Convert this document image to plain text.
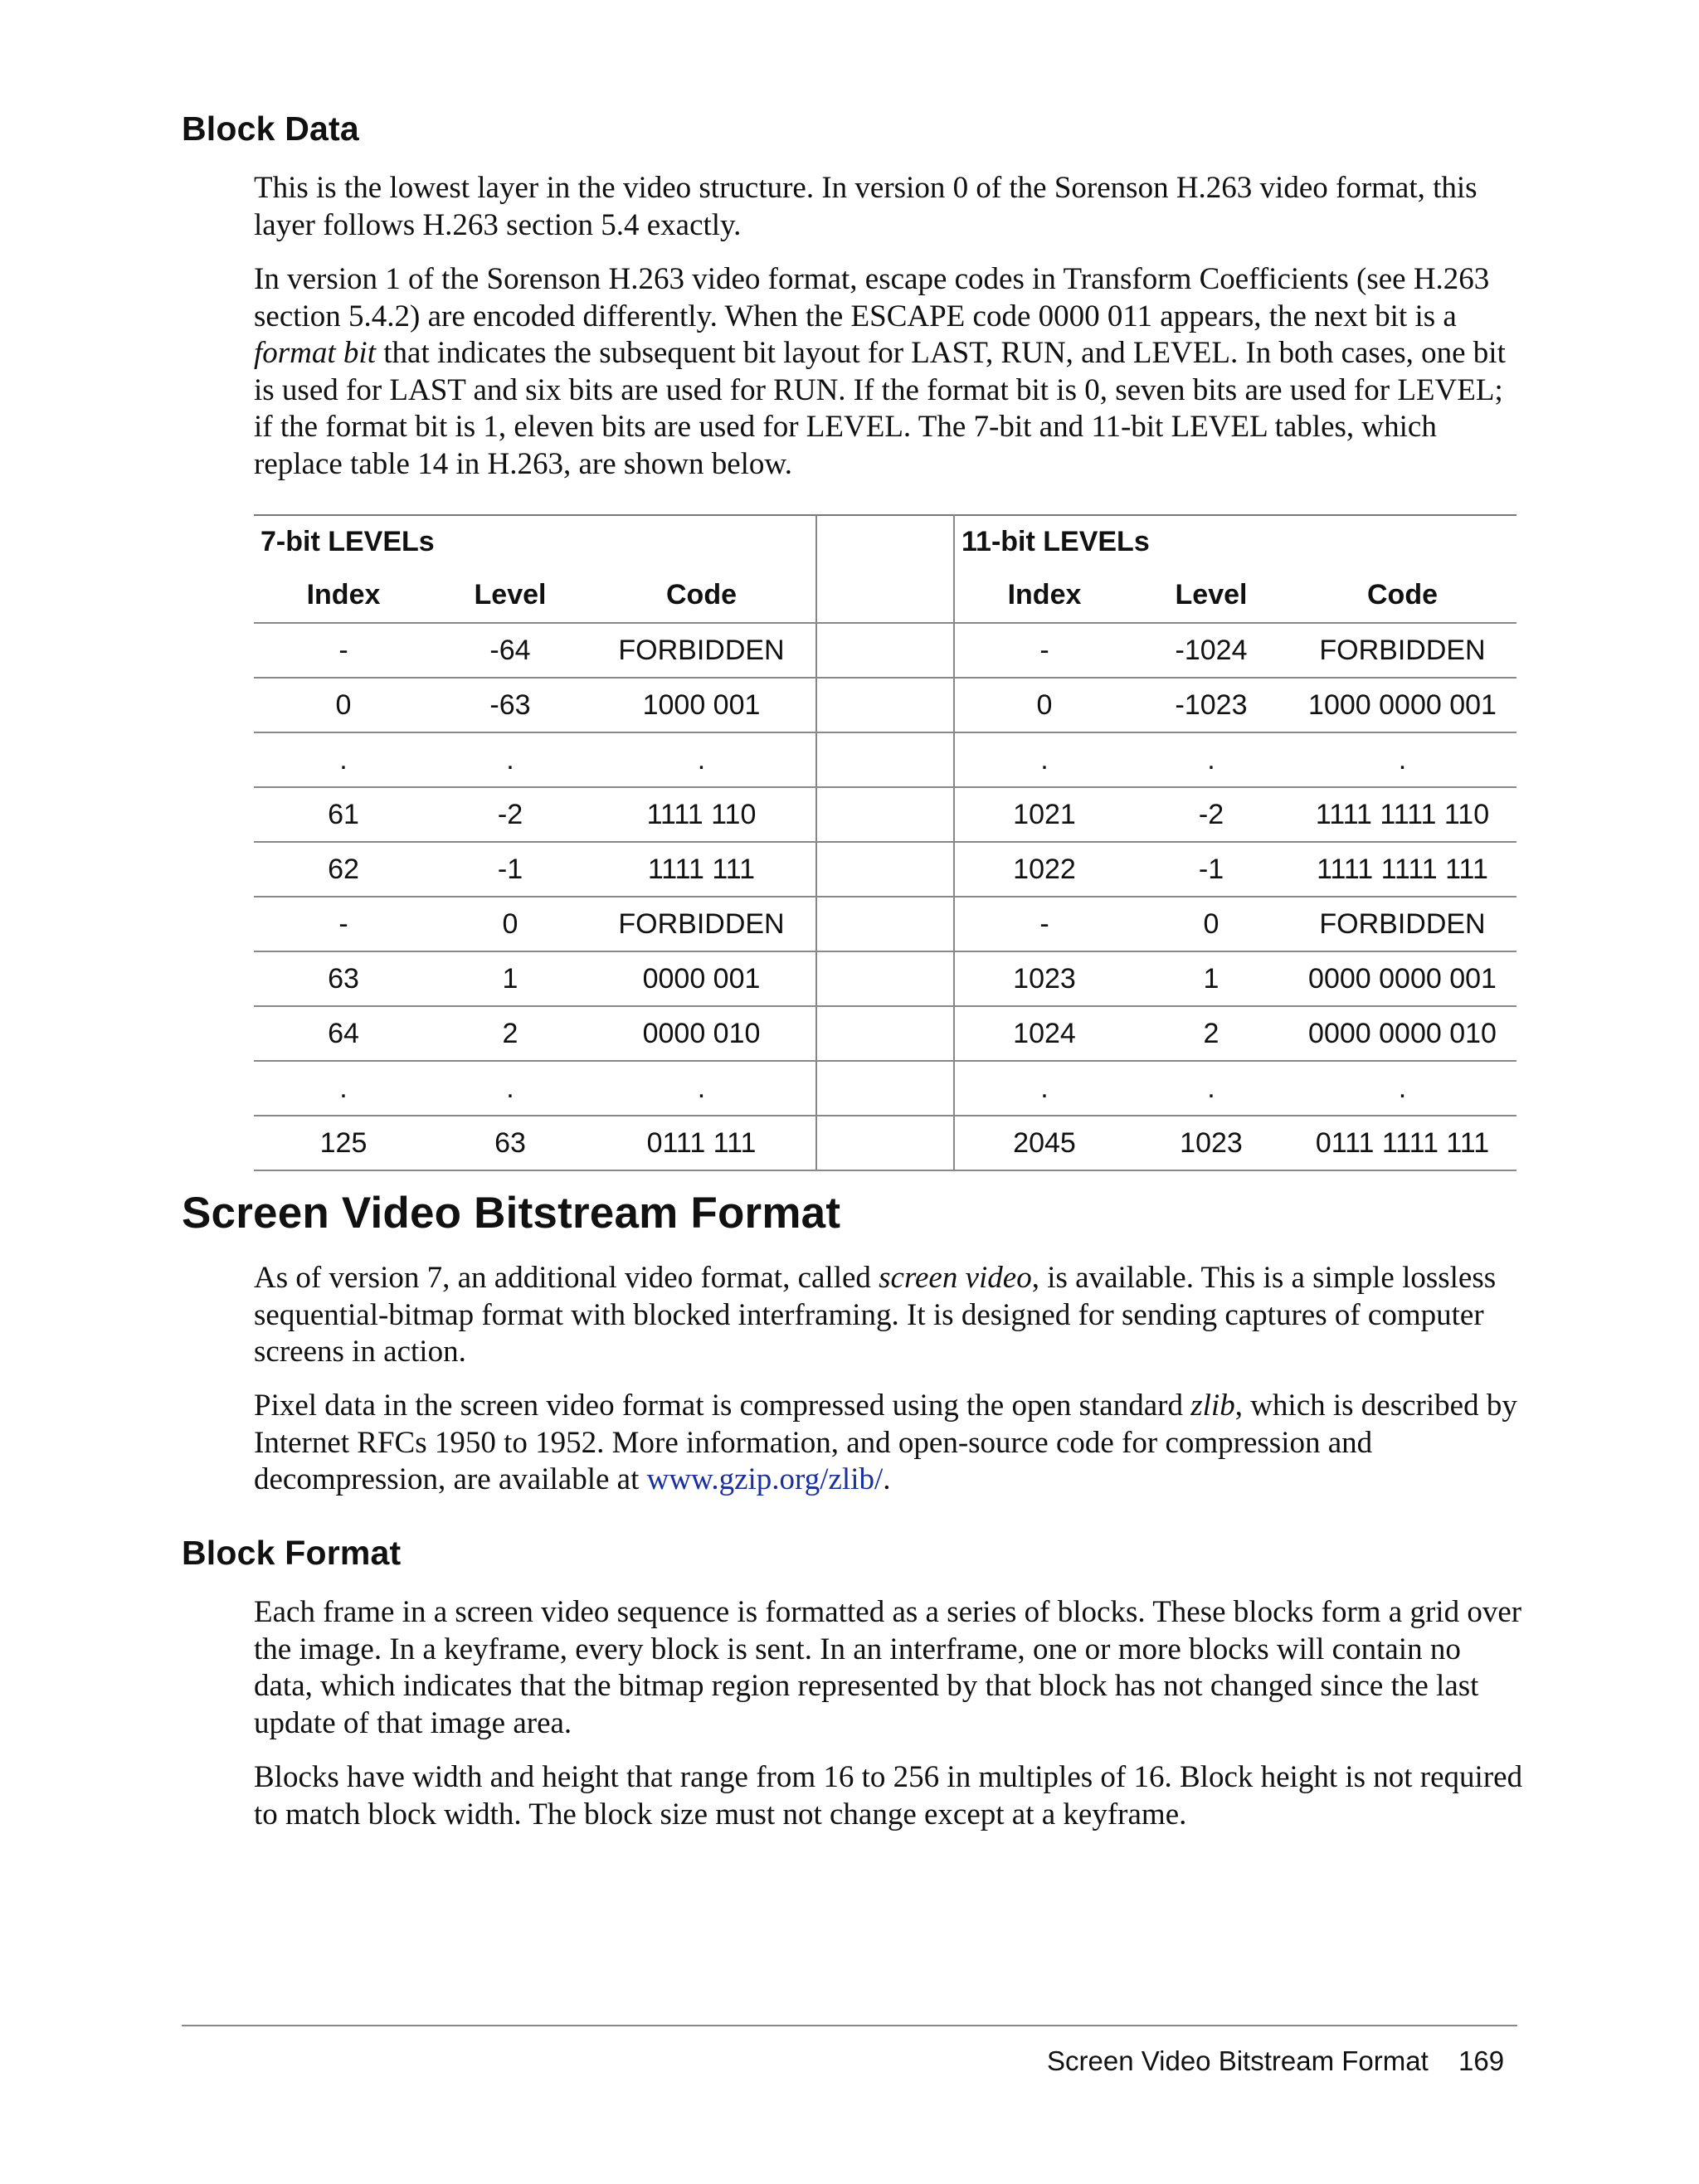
Block Data

This is the lowest layer in the video structure. In version 0 of the Sorenson H.263 video format, this layer follows H.263 section 5.4 exactly.

In version 1 of the Sorenson H.263 video format, escape codes in Transform Coefficients (see H.263 section 5.4.2) are encoded differently. When the ESCAPE code 0000 011 appears, the next bit is a format bit that indicates the subsequent bit layout for LAST, RUN, and LEVEL. In both cases, one bit is used for LAST and six bits are used for RUN. If the format bit is 0, seven bits are used for LEVEL; if the format bit is 1, eleven bits are used for LEVEL. The 7-bit and 11-bit LEVEL tables, which replace table 14 in H.263, are shown below.

7-bit LEVELs				11-bit LEVELs		
Index	Level	Code		Index	Level	Code
-	-64	FORBIDDEN		-	-1024	FORBIDDEN
0	-63	1000 001		0	-1023	1000 0000 001
.	.	.		.	.	.
61	-2	1111 110		1021	-2	1111 1111 110
62	-1	1111 111		1022	-1	1111 1111 111
-	0	FORBIDDEN		-	0	FORBIDDEN
63	1	0000 001		1023	1	0000 0000 001
64	2	0000 010		1024	2	0000 0000 010
.	.	.		.	.	.
125	63	0111 111		2045	1023	0111 1111 111
Screen Video Bitstream Format

As of version 7, an additional video format, called screen video, is available. This is a simple lossless sequential-bitmap format with blocked interframing. It is designed for sending captures of computer screens in action.

Pixel data in the screen video format is compressed using the open standard zlib, which is described by Internet RFCs 1950 to 1952. More information, and open-source code for compression and decompression, are available at www.gzip.org/zlib/.

Block Format

Each frame in a screen video sequence is formatted as a series of blocks. These blocks form a grid over the image. In a keyframe, every block is sent. In an interframe, one or more blocks will contain no data, which indicates that the bitmap region represented by that block has not changed since the last update of that image area.

Blocks have width and height that range from 16 to 256 in multiples of 16. Block height is not required to match block width. The block size must not change except at a keyframe.

Screen Video Bitstream Format 169
